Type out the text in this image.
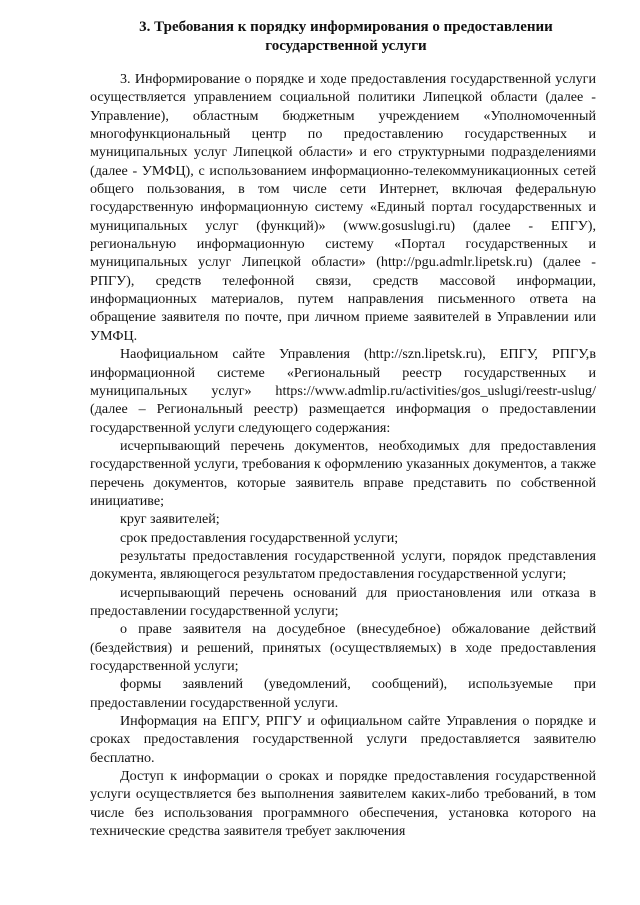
3. Требования к порядку информирования о предоставлении
государственной услуги

3. Информирование о порядке и ходе предоставления государственной услуги осуществляется управлением социальной политики Липецкой области (далее - Управление), областным бюджетным учреждением «Уполномоченный многофункциональный центр по предоставлению государственных и муниципальных услуг Липецкой области» и его структурными подразделениями (далее - УМФЦ), с использованием информационно-телекоммуникационных сетей общего пользования, в том числе сети Интернет, включая федеральную государственную информационную систему «Единый портал государственных и муниципальных услуг (функций)» (www.gosuslugi.ru) (далее - ЕПГУ), региональную информационную систему «Портал государственных и муниципальных услуг Липецкой области» (http://pgu.admlr.lipetsk.ru) (далее - РПГУ), средств телефонной связи, средств массовой информации, информационных материалов, путем направления письменного ответа на обращение заявителя по почте, при личном приеме заявителей в Управлении или УМФЦ.

Наофициальном сайте Управления (http://szn.lipetsk.ru), ЕПГУ, РПГУ,в информационной системе «Региональный реестр государственных и муниципальных услуг» https://www.admlip.ru/activities/gos_uslugi/reestr-uslug/ (далее – Региональный реестр) размещается информация о предоставлении государственной услуги следующего содержания:

исчерпывающий перечень документов, необходимых для предоставления государственной услуги, требования к оформлению указанных документов, а также перечень документов, которые заявитель вправе представить по собственной инициативе;

круг заявителей;

срок предоставления государственной услуги;

результаты предоставления государственной услуги, порядок представления документа, являющегося результатом предоставления государственной услуги;

исчерпывающий перечень оснований для приостановления или отказа в предоставлении государственной услуги;

о праве заявителя на досудебное (внесудебное) обжалование действий (бездействия) и решений, принятых (осуществляемых) в ходе предоставления государственной услуги;

формы заявлений (уведомлений, сообщений), используемые при предоставлении государственной услуги.

Информация на ЕПГУ, РПГУ и официальном сайте Управления о порядке и сроках предоставления государственной услуги предоставляется заявителю бесплатно.

Доступ к информации о сроках и порядке предоставления государственной услуги осуществляется без выполнения заявителем каких-либо требований, в том числе без использования программного обеспечения, установка которого на технические средства заявителя требует заключения
